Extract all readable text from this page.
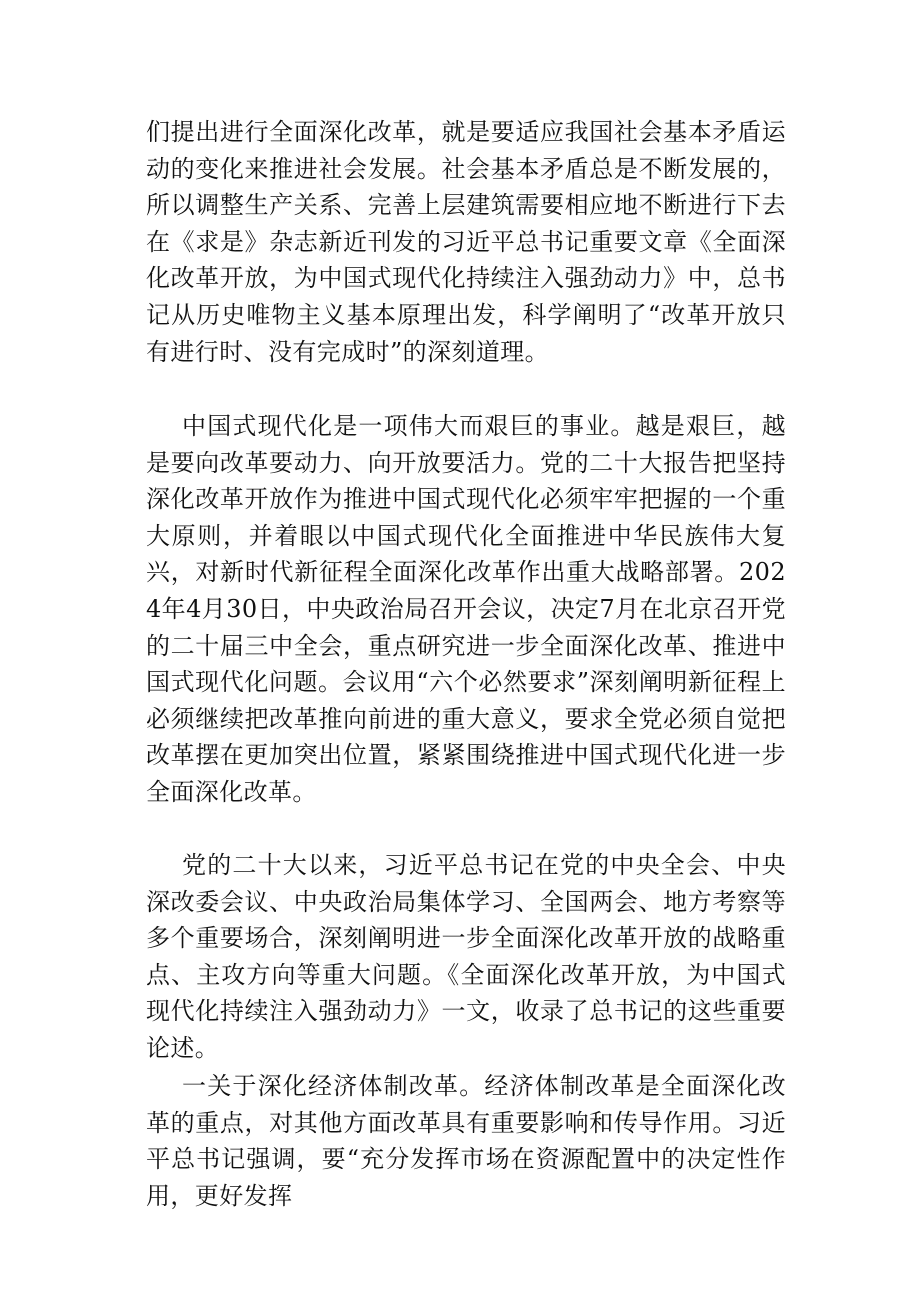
们提出进行全面深化改革，就是要适应我国社会基本矛盾运动的变化来推进社会发展。社会基本矛盾总是不断发展的，所以调整生产关系、完善上层建筑需要相应地不断进行下去在《求是》杂志新近刊发的习近平总书记重要文章《全面深化改革开放，为中国式现代化持续注入强劲动力》中，总书记从历史唯物主义基本原理出发，科学阐明了“改革开放只有进行时、没有完成时”的深刻道理。

中国式现代化是一项伟大而艰巨的事业。越是艰巨，越是要向改革要动力、向开放要活力。党的二十大报告把坚持深化改革开放作为推进中国式现代化必须牢牢把握的一个重大原则，并着眼以中国式现代化全面推进中华民族伟大复兴，对新时代新征程全面深化改革作出重大战略部署。2024年4月30日，中央政治局召开会议，决定7月在北京召开党的二十届三中全会，重点研究进一步全面深化改革、推进中国式现代化问题。会议用“六个必然要求”深刻阐明新征程上必须继续把改革推向前进的重大意义，要求全党必须自觉把改革摆在更加突出位置，紧紧围绕推进中国式现代化进一步全面深化改革。

党的二十大以来，习近平总书记在党的中央全会、中央深改委会议、中央政治局集体学习、全国两会、地方考察等多个重要场合，深刻阐明进一步全面深化改革开放的战略重点、主攻方向等重大问题。《全面深化改革开放，为中国式现代化持续注入强劲动力》一文，收录了总书记的这些重要论述。

一关于深化经济体制改革。经济体制改革是全面深化改革的重点，对其他方面改革具有重要影响和传导作用。习近平总书记强调，要“充分发挥市场在资源配置中的决定性作用，更好发挥
